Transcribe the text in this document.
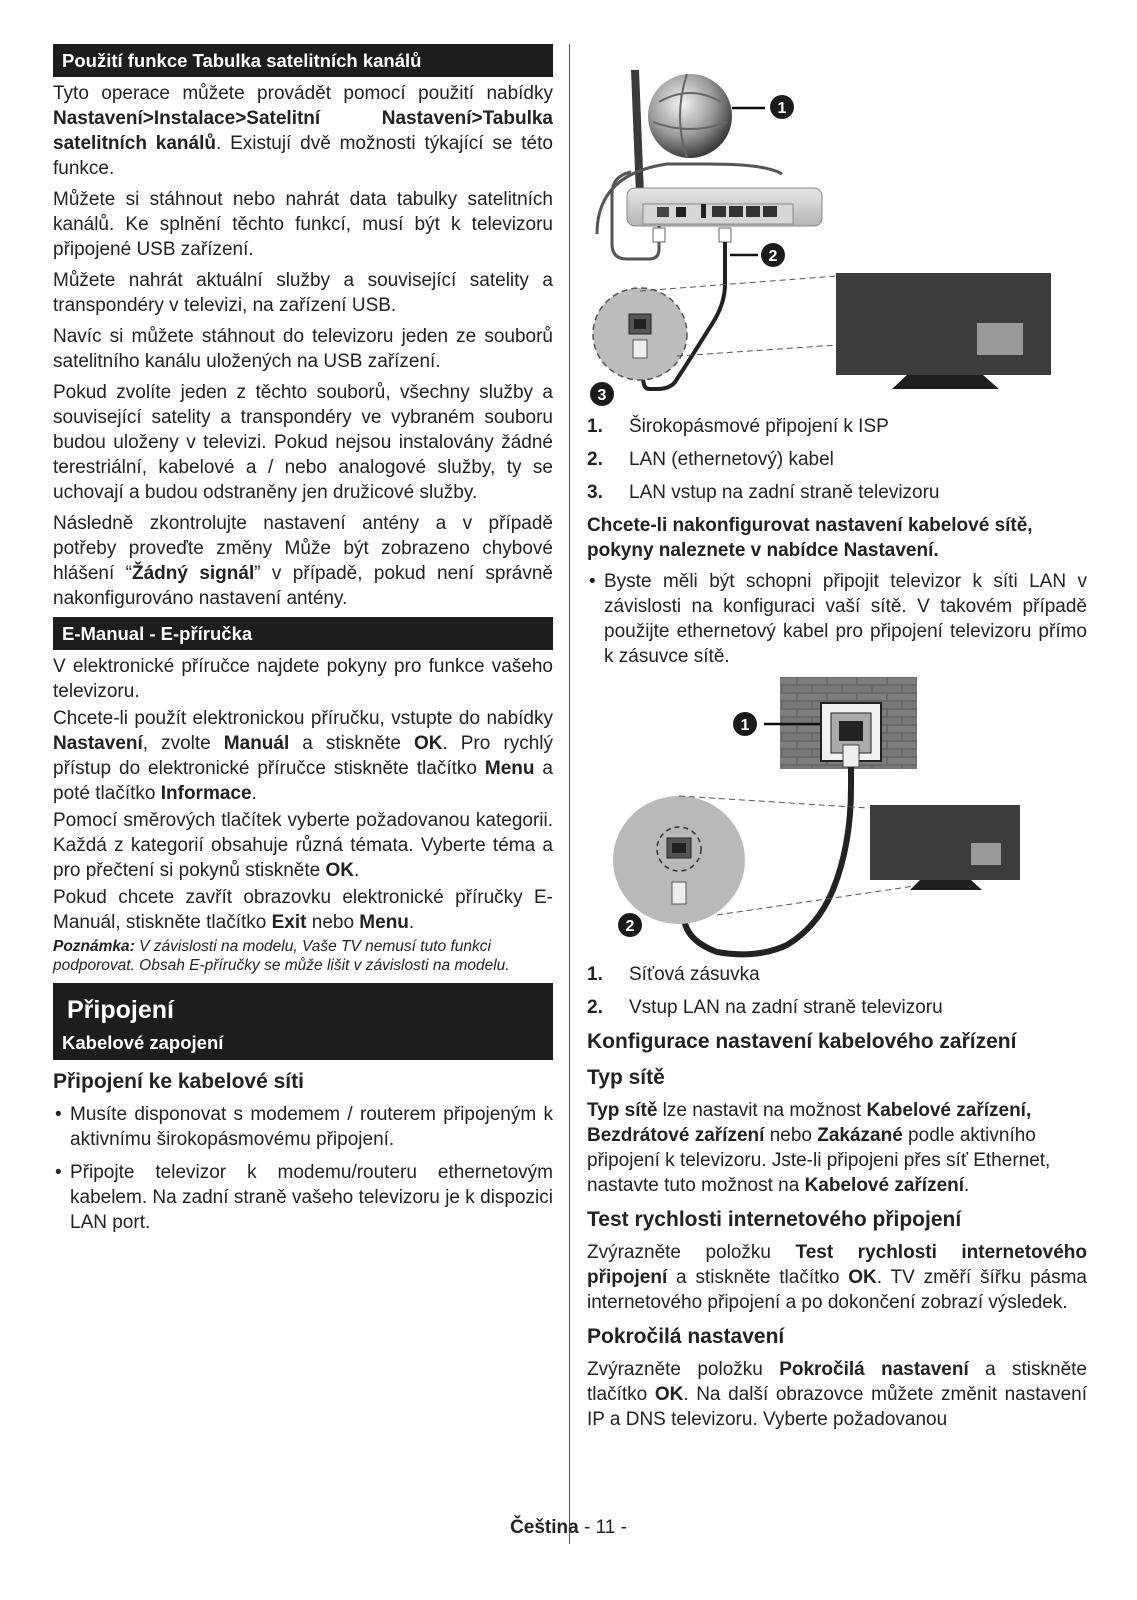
Použití funkce Tabulka satelitních kanálů

Tyto operace můžete provádět pomocí použití nabídky Nastavení>Instalace>Satelitní Nastavení>Tabulka satelitních kanálů. Existují dvě možnosti týkající se této funkce.

Můžete si stáhnout nebo nahrát data tabulky satelitních kanálů. Ke splnění těchto funkcí, musí být k televizoru připojené USB zařízení.

Můžete nahrát aktuální služby a související satelity a transpondéry v televizi, na zařízení USB.

Navíc si můžete stáhnout do televizoru jeden ze souborů satelitního kanálu uložených na USB zařízení.

Pokud zvolíte jeden z těchto souborů, všechny služby a související satelity a transpondéry ve vybraném souboru budou uloženy v televizi. Pokud nejsou instalovány žádné terestriální, kabelové a / nebo analogové služby, ty se uchovají a budou odstraněny jen družicové služby.

Následně zkontrolujte nastavení antény a v případě potřeby proveďte změny Může být zobrazeno chybové hlášení “Žádný signál” v případě, pokud není správně nakonfigurováno nastavení antény.

E-Manual - E-příručka

V elektronické příručce najdete pokyny pro funkce vašeho televizoru.

Chcete-li použít elektronickou příručku, vstupte do nabídky Nastavení, zvolte Manuál a stiskněte OK. Pro rychlý přístup do elektronické příručce stiskněte tlačítko Menu a poté tlačítko Informace.

Pomocí směrových tlačítek vyberte požadovanou kategorii. Každá z kategorií obsahuje různá témata. Vyberte téma a pro přečtení si pokynů stiskněte OK.

Pokud chcete zavřít obrazovku elektronické příručky E-Manuál, stiskněte tlačítko Exit nebo Menu.

Poznámka: V závislosti na modelu, Vaše TV nemusí tuto funkci podporovat. Obsah E-příručky se může lišit v závislosti na modelu.

Připojení
Kabelové zapojení
Připojení ke kabelové síti
• Musíte disponovat s modemem / routerem připojeným k aktivnímu širokopásmovému připojení.
• Připojte televizor k modemu/routeru ethernetovým kabelem. Na zadní straně vašeho televizoru je k dispozici LAN port.
1
2
3
1.	Širokopásmové připojení k ISP
2.	LAN (ethernetový) kabel
3.	LAN vstup na zadní straně televizoru

Chcete-li nakonfigurovat nastavení kabelové sítě, pokyny naleznete v nabídce Nastavení.

• Byste měli být schopni připojit televizor k síti LAN v závislosti na konfiguraci vaší sítě. V takovém případě použijte ethernetový kabel pro připojení televizoru přímo k zásuvce sítě.
1
2
1.	Síťová zásuvka
2.	Vstup LAN na zadní straně televizoru
Konfigurace nastavení kabelového zařízení
Typ sítě

Typ sítě lze nastavit na možnost Kabelové zařízení, Bezdrátové zařízení nebo Zakázané podle aktivního připojení k televizoru. Jste-li připojeni přes síť Ethernet, nastavte tuto možnost na Kabelové zařízení.

Test rychlosti internetového připojení

Zvýrazněte položku Test rychlosti internetového připojení a stiskněte tlačítko OK. TV změří šířku pásma internetového připojení a po dokončení zobrazí výsledek.

Pokročilá nastavení

Zvýrazněte položku Pokročilá nastavení a stiskněte tlačítko OK. Na další obrazovce můžete změnit nastavení IP a DNS televizoru. Vyberte požadovanou

Čeština - 11 -
